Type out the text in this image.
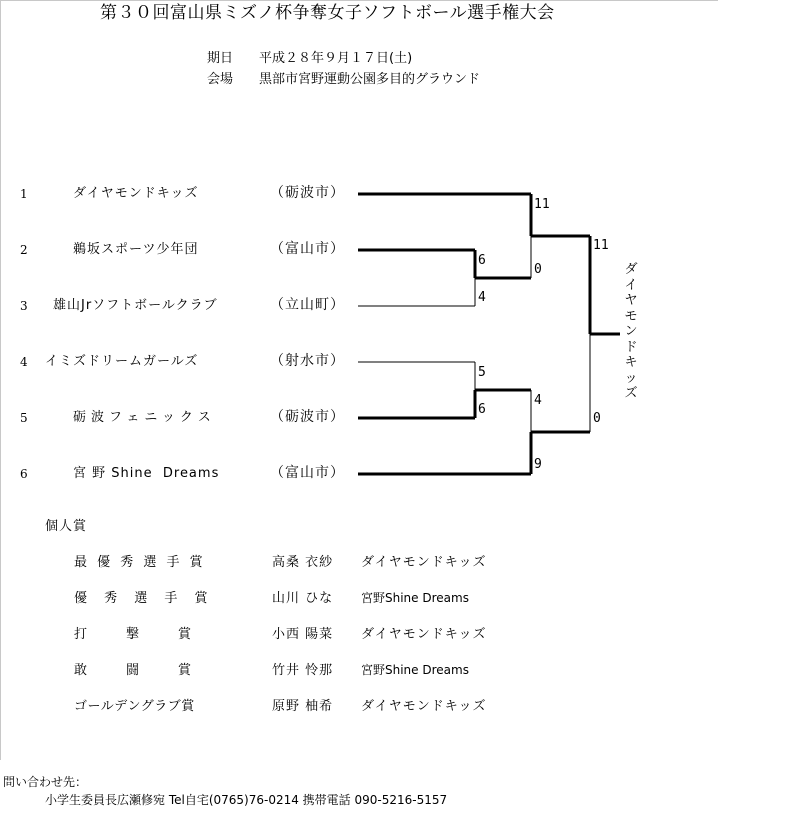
第３０回富山県ミズノ杯争奪女子ソフトボール選手権大会
期日 平成２８年９月１７日(土)
会場 黒部市宮野運動公園多目的グラウンド
1	ダイヤモンドキッズ	（砺波市）
2	鵜坂スポーツ少年団	（富山市）
3 雄山Jrソフトボールクラブ	（立山町）
4 イミズドリームガールズ	（射水市）
5	砺波フェニックス	（砺波市）
6	宮 野 Shine  Dreams	（富山市）
6
4
5
6
11
0
4
9
11
0
ダイヤモンドキッズ
個人賞
最 優 秀 選 手 賞	高桑 衣紗 ダイヤモンドキッズ
優　 秀　 選　 手　 賞	山川 ひな 宮野Shine Dreams
打　　　撃　　　賞	小西 陽菜 ダイヤモンドキッズ
敢　　　闘　　　賞	竹井 怜那 宮野Shine Dreams
ゴールデングラブ賞	原野 柚希 ダイヤモンドキッズ
問い合わせ先：
小学生委員長広瀬修宛 Tel自宅(0765)76-0214 携帯電話 090-5216-5157
